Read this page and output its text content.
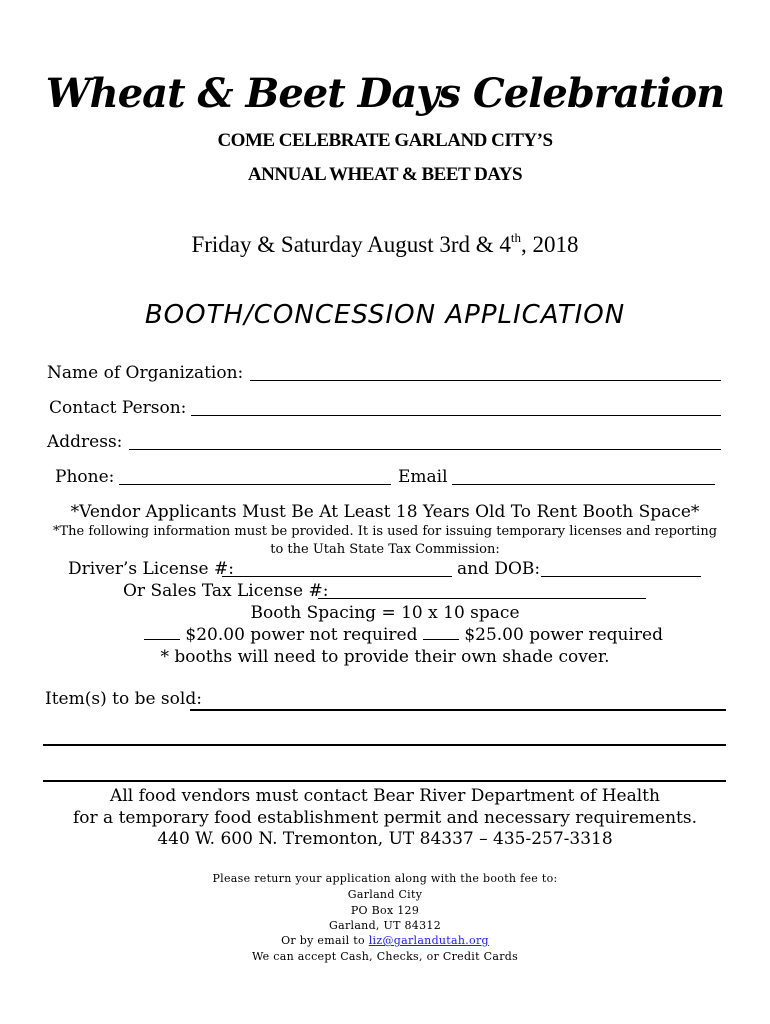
Wheat & Beet Days Celebration
COME CELEBRATE GARLAND CITY’S
ANNUAL WHEAT & BEET DAYS
Friday & Saturday August 3rd & 4th, 2018
BOOTH/CONCESSION APPLICATION
Name of Organization:
Contact Person:
Address:
Phone:	Email
*Vendor Applicants Must Be At Least 18 Years Old To Rent Booth Space*
*The following information must be provided. It is used for issuing temporary licenses and reporting
to the Utah State Tax Commission:
Driver’s License #:	and DOB:
Or Sales Tax License #:
Booth Spacing = 10 x 10 space
$20.00 power not required	$25.00 power required
* booths will need to provide their own shade cover.
Item(s) to be sold:
All food vendors must contact Bear River Department of Health
for a temporary food establishment permit and necessary requirements.
440 W. 600 N. Tremonton, UT 84337 – 435-257-3318
Please return your application along with the booth fee to:
Garland City
PO Box 129
Garland, UT 84312
Or by email to liz@garlandutah.org
We can accept Cash, Checks, or Credit Cards
